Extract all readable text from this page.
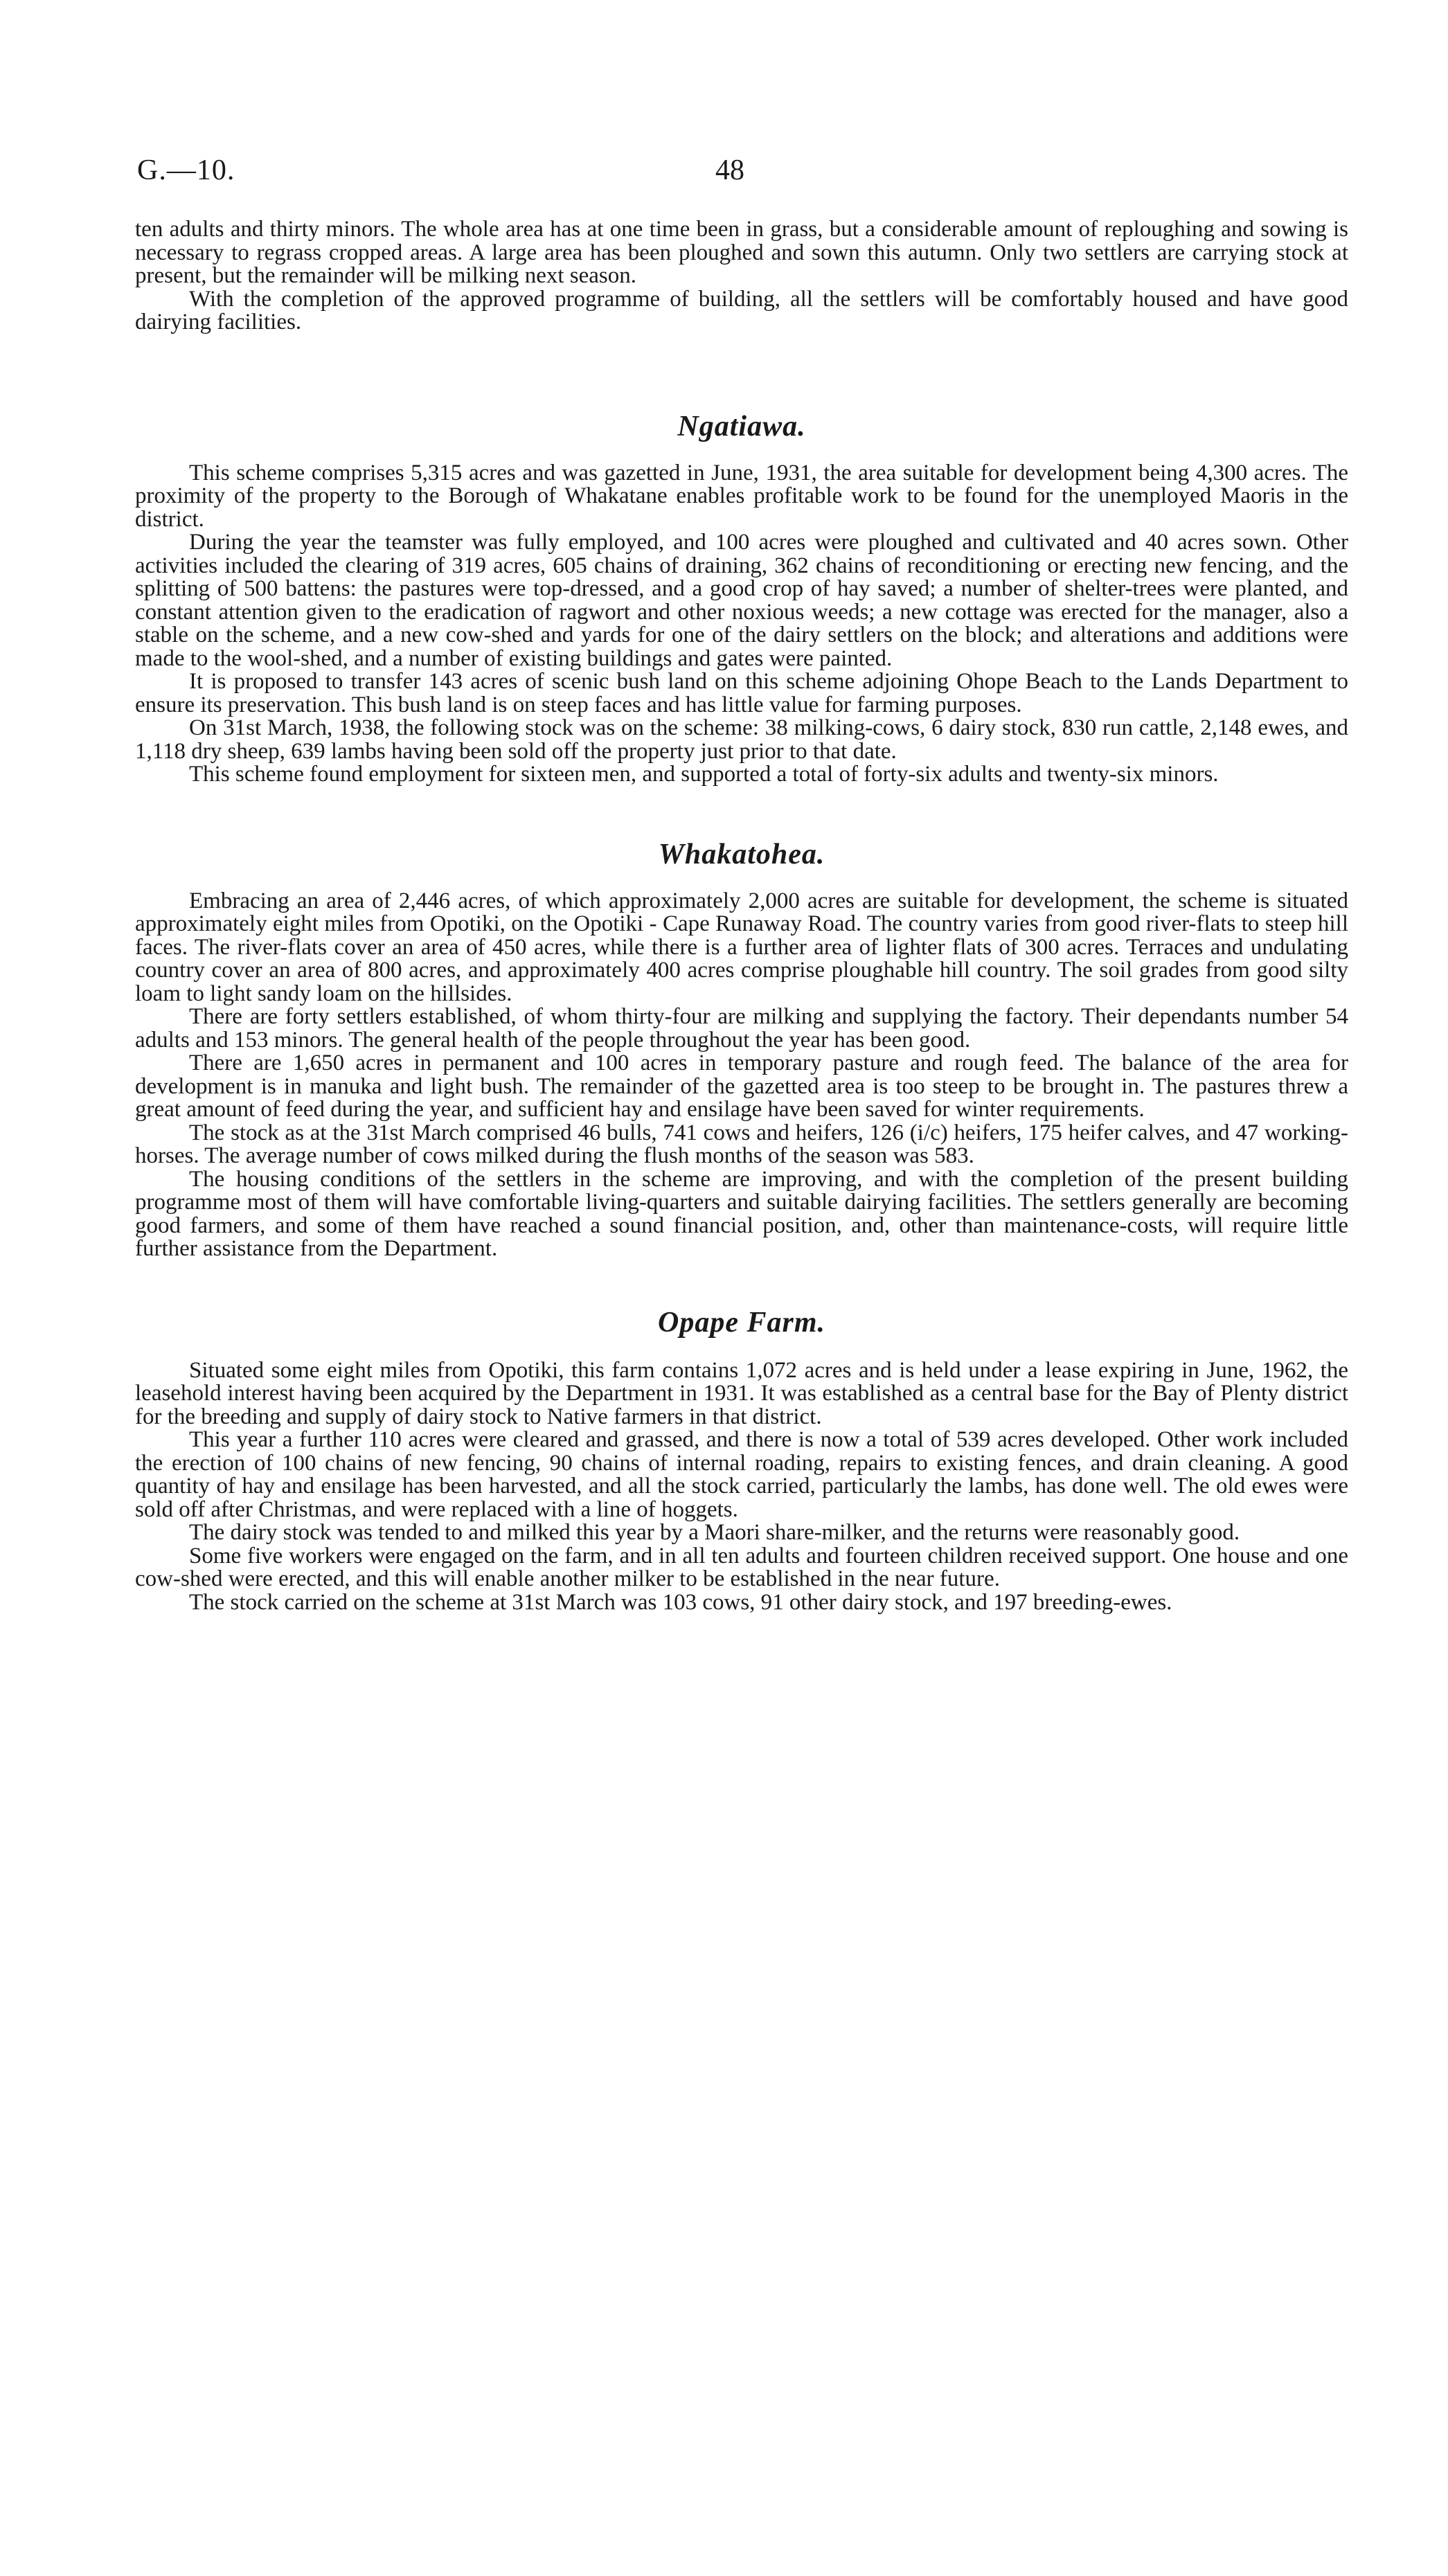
G.—10.	48

ten adults and thirty minors. The whole area has at one time been in grass, but a considerable amount of reploughing and sowing is necessary to regrass cropped areas. A large area has been ploughed and sown this autumn. Only two settlers are carrying stock at present, but the remainder will be milking next season.

With the completion of the approved programme of building, all the settlers will be comfortably housed and have good dairying facilities.

Ngatiawa.

This scheme comprises 5,315 acres and was gazetted in June, 1931, the area suitable for development being 4,300 acres. The proximity of the property to the Borough of Whakatane enables profitable work to be found for the unemployed Maoris in the district.

During the year the teamster was fully employed, and 100 acres were ploughed and cultivated and 40 acres sown. Other activities included the clearing of 319 acres, 605 chains of draining, 362 chains of reconditioning or erecting new fencing, and the splitting of 500 battens: the pastures were top-dressed, and a good crop of hay saved; a number of shelter-trees were planted, and constant attention given to the eradication of ragwort and other noxious weeds; a new cottage was erected for the manager, also a stable on the scheme, and a new cow-shed and yards for one of the dairy settlers on the block; and alterations and additions were made to the wool-shed, and a number of existing buildings and gates were painted.

It is proposed to transfer 143 acres of scenic bush land on this scheme adjoining Ohope Beach to the Lands Department to ensure its preservation. This bush land is on steep faces and has little value for farming purposes.

On 31st March, 1938, the following stock was on the scheme: 38 milking-cows, 6 dairy stock, 830 run cattle, 2,148 ewes, and 1,118 dry sheep, 639 lambs having been sold off the property just prior to that date.

This scheme found employment for sixteen men, and supported a total of forty-six adults and twenty-six minors.

Whakatohea.

Embracing an area of 2,446 acres, of which approximately 2,000 acres are suitable for development, the scheme is situated approximately eight miles from Opotiki, on the Opotiki - Cape Runaway Road. The country varies from good river-flats to steep hill faces. The river-flats cover an area of 450 acres, while there is a further area of lighter flats of 300 acres. Terraces and undulating country cover an area of 800 acres, and approximately 400 acres comprise ploughable hill country. The soil grades from good silty loam to light sandy loam on the hillsides.

There are forty settlers established, of whom thirty-four are milking and supplying the factory. Their dependants number 54 adults and 153 minors. The general health of the people throughout the year has been good.

There are 1,650 acres in permanent and 100 acres in temporary pasture and rough feed. The balance of the area for development is in manuka and light bush. The remainder of the gazetted area is too steep to be brought in. The pastures threw a great amount of feed during the year, and sufficient hay and ensilage have been saved for winter requirements.

The stock as at the 31st March comprised 46 bulls, 741 cows and heifers, 126 (i/c) heifers, 175 heifer calves, and 47 working-horses. The average number of cows milked during the flush months of the season was 583.

The housing conditions of the settlers in the scheme are improving, and with the completion of the present building programme most of them will have comfortable living-quarters and suitable dairying facilities. The settlers generally are becoming good farmers, and some of them have reached a sound financial position, and, other than maintenance-costs, will require little further assistance from the Department.

Opape Farm.

Situated some eight miles from Opotiki, this farm contains 1,072 acres and is held under a lease expiring in June, 1962, the leasehold interest having been acquired by the Department in 1931. It was established as a central base for the Bay of Plenty district for the breeding and supply of dairy stock to Native farmers in that district.

This year a further 110 acres were cleared and grassed, and there is now a total of 539 acres developed. Other work included the erection of 100 chains of new fencing, 90 chains of internal roading, repairs to existing fences, and drain cleaning. A good quantity of hay and ensilage has been harvested, and all the stock carried, particularly the lambs, has done well. The old ewes were sold off after Christmas, and were replaced with a line of hoggets.

The dairy stock was tended to and milked this year by a Maori share-milker, and the returns were reasonably good.

Some five workers were engaged on the farm, and in all ten adults and fourteen children received support. One house and one cow-shed were erected, and this will enable another milker to be established in the near future.

The stock carried on the scheme at 31st March was 103 cows, 91 other dairy stock, and 197 breeding-ewes.
